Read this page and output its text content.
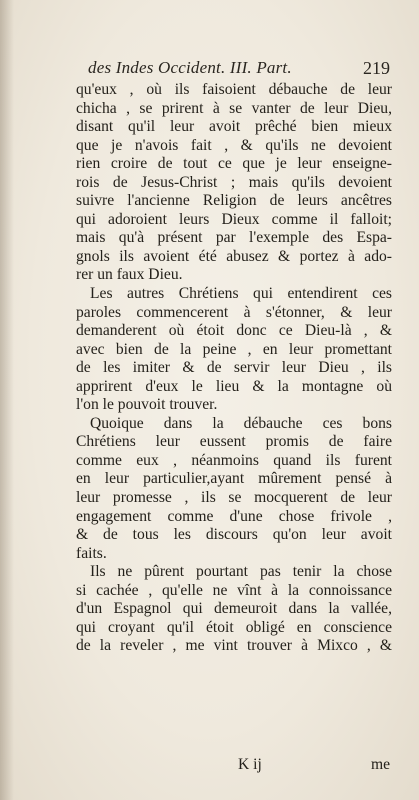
des Indes Occident. III. Part.	219
qu'eux , où ils faisoient débauche de leur
chicha , se prirent à se vanter de leur Dieu,
disant qu'il leur avoit prêché bien mieux
que je n'avois fait , & qu'ils ne devoient
rien croire de tout ce que je leur enseigne-
rois de Jesus-Christ ; mais qu'ils devoient
suivre l'ancienne Religion de leurs ancêtres
qui adoroient leurs Dieux comme il falloit;
mais qu'à présent par l'exemple des Espa-
gnols ils avoient été abusez & portez à ado-
rer un faux Dieu.
Les autres Chrétiens qui entendirent ces
paroles commencerent à s'étonner, & leur
demanderent où étoit donc ce Dieu-là , &
avec bien de la peine , en leur promettant
de les imiter & de servir leur Dieu , ils
apprirent d'eux le lieu & la montagne où
l'on le pouvoit trouver.
Quoique dans la débauche ces bons
Chrétiens leur eussent promis de faire
comme eux , néanmoins quand ils furent
en leur particulier,ayant mûrement pensé à
leur promesse , ils se mocquerent de leur
engagement comme d'une chose frivole ,
& de tous les discours qu'on leur avoit
faits.
Ils ne pûrent pourtant pas tenir la chose
si cachée , qu'elle ne vînt à la connoissance
d'un Espagnol qui demeuroit dans la vallée,
qui croyant qu'il étoit obligé en conscience
de la reveler , me vint trouver à Mixco , &
K ij	me
